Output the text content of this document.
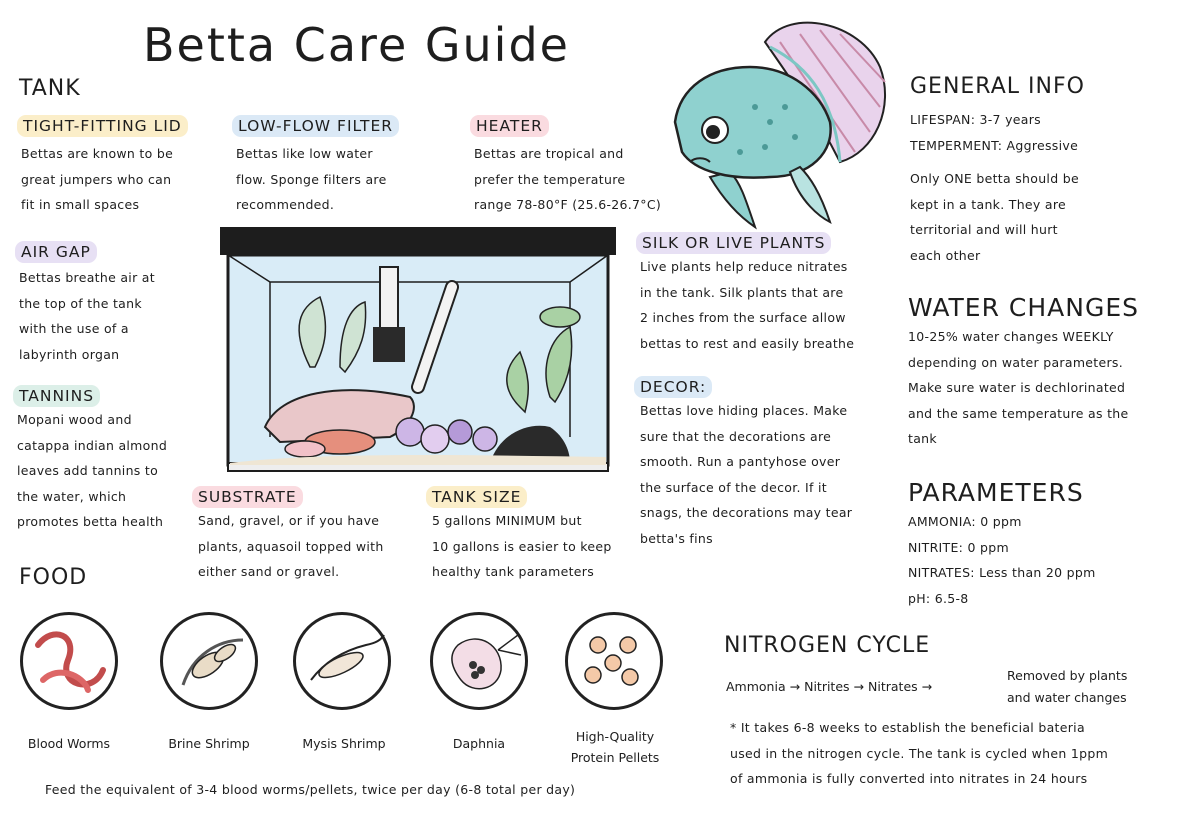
Betta Care Guide
TANK
TIGHT-FITTING LID
Bettas are known to be
great jumpers who can
fit in small spaces
LOW-FLOW FILTER
Bettas like low water
flow. Sponge filters are
recommended.
HEATER
Bettas are tropical and
prefer the temperature
range 78-80°F (25.6-26.7°C)
AIR GAP
Bettas breathe air at
the top of the tank
with the use of a
labyrinth organ
TANNINS
Mopani wood and
catappa indian almond
leaves add tannins to
the water, which
promotes betta health
SILK OR LIVE PLANTS
Live plants help reduce nitrates
in the tank. Silk plants that are
2 inches from the surface allow
bettas to rest and easily breathe
DECOR:
Bettas love hiding places. Make
sure that the decorations are
smooth. Run a pantyhose over
the surface of the decor. If it
snags, the decorations may tear
betta's fins
SUBSTRATE
Sand, gravel, or if you have
plants, aquasoil topped with
either sand or gravel.
TANK SIZE
5 gallons MINIMUM but
10 gallons is easier to keep
healthy tank parameters
GENERAL INFO
LIFESPAN: 3-7 years
TEMPERMENT: Aggressive
Only ONE betta should be
kept in a tank. They are
territorial and will hurt
each other
WATER CHANGES
10-25% water changes WEEKLY
depending on water parameters.
Make sure water is dechlorinated
and the same temperature as the
tank
PARAMETERS
AMMONIA: 0 ppm
NITRITE: 0 ppm
NITRATES: Less than 20 ppm
pH: 6.5-8
FOOD
Blood Worms	Brine Shrimp	Mysis Shrimp	Daphnia	High-Quality
Protein Pellets
Feed the equivalent of 3-4 blood worms/pellets, twice per day (6-8 total per day)
NITROGEN CYCLE
Ammonia → Nitrites → Nitrates →
Removed by plants
and water changes
* It takes 6-8 weeks to establish the beneficial bateria
used in the nitrogen cycle. The tank is cycled when 1ppm
of ammonia is fully converted into nitrates in 24 hours
